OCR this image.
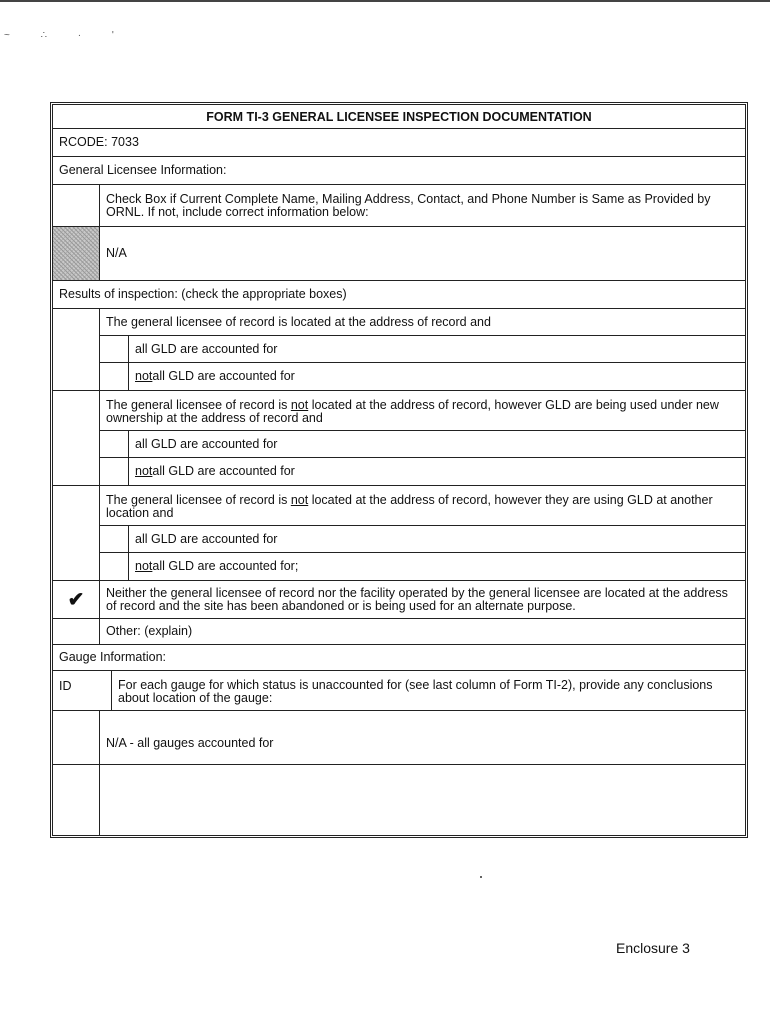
~ ∴ · '
FORM TI-3 GENERAL LICENSEE INSPECTION DOCUMENTATION
RCODE: 7033
General Licensee Information:
Check Box if Current Complete Name, Mailing Address, Contact, and Phone Number is Same as Provided by ORNL. If not, include correct information below:
N/A
Results of inspection: (check the appropriate boxes)
The general licensee of record is located at the address of record and
all GLD are accounted for
not all GLD are accounted for
The general licensee of record is not located at the address of record, however GLD are being used under new ownership at the address of record and
all GLD are accounted for
not all GLD are accounted for
The general licensee of record is not located at the address of record, however they are using GLD at another location and
all GLD are accounted for
not all GLD are accounted for;
✔	Neither the general licensee of record nor the facility operated by the general licensee are located at the address of record and the site has been abandoned or is being used for an alternate purpose.
Other: (explain)
Gauge Information:
ID	For each gauge for which status is unaccounted for (see last column of Form TI-2), provide any conclusions about location of the gauge:
N/A - all gauges accounted for
Enclosure 3
